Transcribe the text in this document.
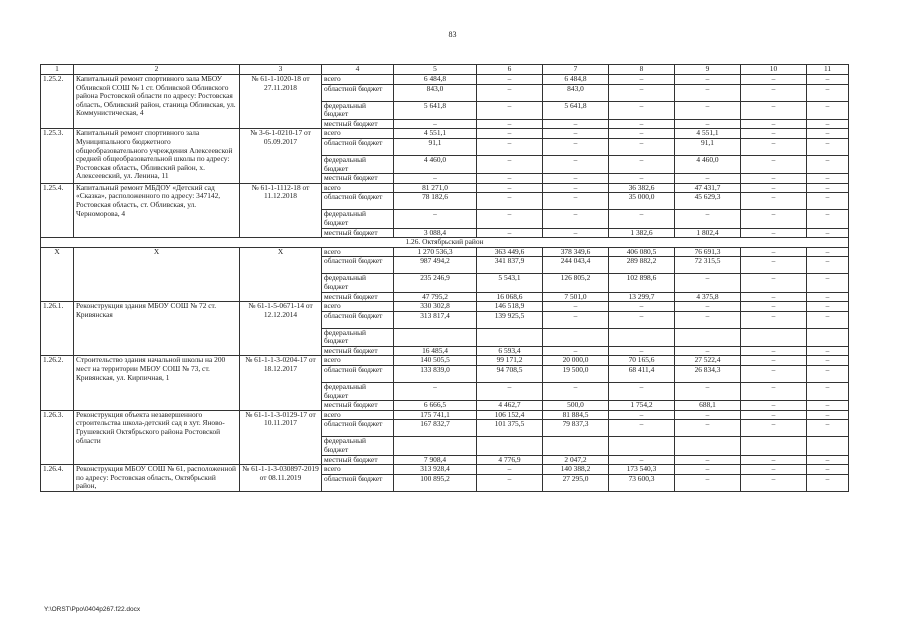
83
1	2	3	4	5	6	7	8	9	10	11
1.25.2.	Капитальный ремонт спортивного зала МБОУ Обливской СОШ № 1 ст. Обливской Обливского района Ростовской области по адресу: Ростовская область, Обливский район, станица Обливская, ул. Коммунистическая, 4	№ 61-1-1020-18 от 27.11.2018	всего	6 484,8	–	6 484,8	–	–	–	–
			областной бюджет	843,0	–	843,0	–	–	–	–
			федеральный бюджет	5 641,8	–	5 641,8	–	–	–	–
			местный бюджет	–	–	–	–	–	–	–
1.25.3.	Капитальный ремонт спортивного зала Муниципального бюджетного общеобразовательного учреждения Алексеевской средней общеобразовательной школы по адресу: Ростовская область, Обливский район, х. Алексеевский, ул. Ленина, 11	№ 3-6-1-0210-17 от 05.09.2017	всего	4 551,1	–	–	–	4 551,1	–	–
			областной бюджет	91,1	–	–	–	91,1	–	–
			федеральный бюджет	4 460,0	–	–	–	4 460,0	–	–
			местный бюджет	–	–	–	–	–	–	–
1.25.4.	Капитальный ремонт МБДОУ «Детский сад «Сказка», расположенного по адресу: 347142, Ростовская область, ст. Обливская, ул. Черноморова, 4	№ 61-1-1112-18 от 11.12.2018	всего	81 271,0	–	–	36 382,6	47 431,7	–	–
			областной бюджет	78 182,6	–	–	35 000,0	45 629,3	–	–
			федеральный бюджет	–	–	–	–	–	–	–
			местный бюджет	3 088,4	–	–	1 382,6	1 802,4	–	–
1.26. Октябрьский район										
X	X	X	всего	1 270 536,3	363 449,6	378 349,6	406 080,5	76 691,3	–	–
			областной бюджет	987 494,2	341 837,9	244 043,4	289 882,2	72 315,5	–	–
			федеральный бюджет	235 246,9	5 543,1	126 805,2	102 898,6	–	–	–
			местный бюджет	47 795,2	16 068,6	7 501,0	13 299,7	4 375,8	–	–
1.26.1.	Реконструкция здания МБОУ СОШ № 72 ст. Кривянская	№ 61-1-5-0671-14 от 12.12.2014	всего	330 302,8	146 518,9	–	–	–	–	–
			областной бюджет	313 817,4	139 925,5	–	–	–	–	–
			федеральный бюджет							
			местный бюджет	16 485,4	6 593,4	–	–	–	–	–
1.26.2.	Строительство здания начальной школы на 200 мест на территории МБОУ СОШ № 73, ст. Кривянская, ул. Кирпичная, 1	№ 61-1-1-3-0204-17 от 18.12.2017	всего	140 505,5	99 171,2	20 000,0	70 165,6	27 522,4	–	–
			областной бюджет	133 839,0	94 708,5	19 500,0	68 411,4	26 834,3	–	–
			федеральный бюджет	–	–	–	–	–	–	–
			местный бюджет	6 666,5	4 462,7	500,0	1 754,2	688,1	–	–
1.26.3.	Реконструкция объекта незавершенного строительства школа-детский сад в хут. Яново-Грушевский Октябрьского района Ростовской области	№ 61-1-1-3-0129-17 от 10.11.2017	всего	175 741,1	106 152,4	81 884,5	–	–	–	–
			областной бюджет	167 832,7	101 375,5	79 837,3	–	–	–	–
			федеральный бюджет							
			местный бюджет	7 908,4	4 776,9	2 047,2	–	–	–	–
1.26.4.	Реконструкция МБОУ СОШ № 61, расположенной по адресу: Ростовская область, Октябрьский район,	№ 61-1-1-3-030897-2019 от 08.11.2019	всего	313 928,4	–	140 388,2	173 540,3	–	–	–
			областной бюджет	100 895,2	–	27 295,0	73 600,3	–	–	–
Y:\ORST\Ppo\0404p267.f22.docx
